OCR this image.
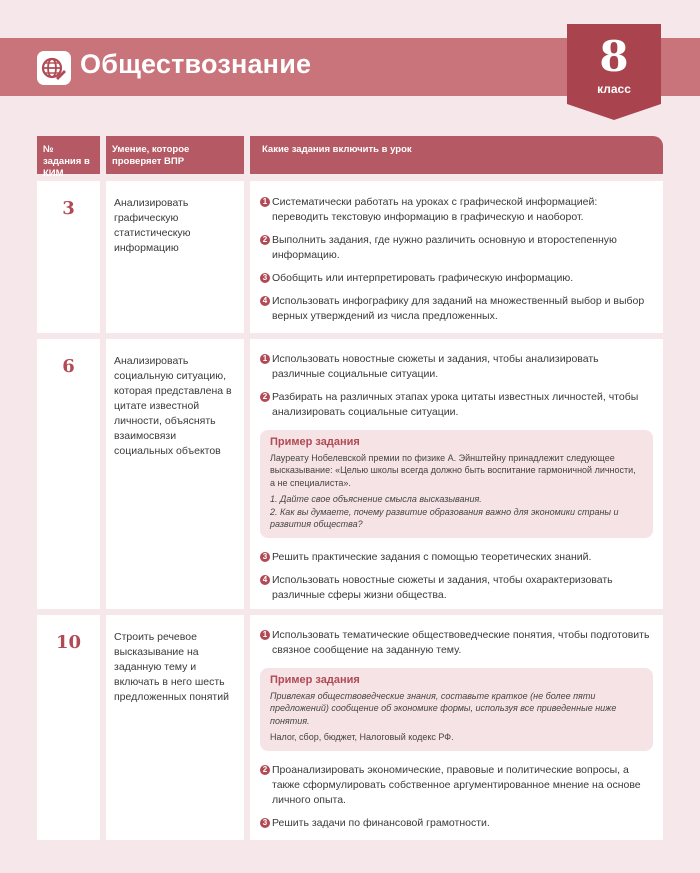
Обществознание	8
класс
№ задания в КИМ
Умение, которое проверяет ВПР
Какие задания включить в урок
3	Анализировать графическую статистическую информацию
1 Систематически работать на уроках с графической информацией: переводить текстовую информацию в графическую и наоборот.
2 Выполнить задания, где нужно различить основную и второстепенную информацию.
3 Обобщить или интерпретировать графическую информацию.
4 Использовать инфографику для заданий на множественный выбор и выбор верных утверждений из числа предложенных.
6	Анализировать социальную ситуацию, которая представлена в цитате известной личности, объяснять взаимосвязи социальных объектов
1 Использовать новостные сюжеты и задания, чтобы анализировать различные социальные ситуации.
2 Разбирать на различных этапах урока цитаты известных личностей, чтобы анализировать социальные ситуации.
Пример задания

Лауреату Нобелевской премии по физике А. Эйнштейну принадлежит следующее высказывание: «Целью школы всегда должно быть воспитание гармоничной личности, а не специалиста».

1. Дайте свое объяснение смысла высказывания.

2. Как вы думаете, почему развитие образования важно для экономики страны и развития общества?

3 Решить практические задания с помощью теоретических знаний.
4 Использовать новостные сюжеты и задания, чтобы охарактеризовать различные сферы жизни общества.
10	Строить речевое высказывание на заданную тему и включать в него шесть предложенных понятий
1 Использовать тематические обществоведческие понятия, чтобы подготовить связное сообщение на заданную тему.
Пример задания

Привлекая обществоведческие знания, составьте краткое (не более пяти предложений) сообщение об экономике формы, используя все приведенные ниже понятия.

Налог, сбор, бюджет, Налоговый кодекс РФ.

2 Проанализировать экономические, правовые и политические вопросы, а также сформулировать собственное аргументированное мнение на основе личного опыта.
3 Решить задачи по финансовой грамотности.
